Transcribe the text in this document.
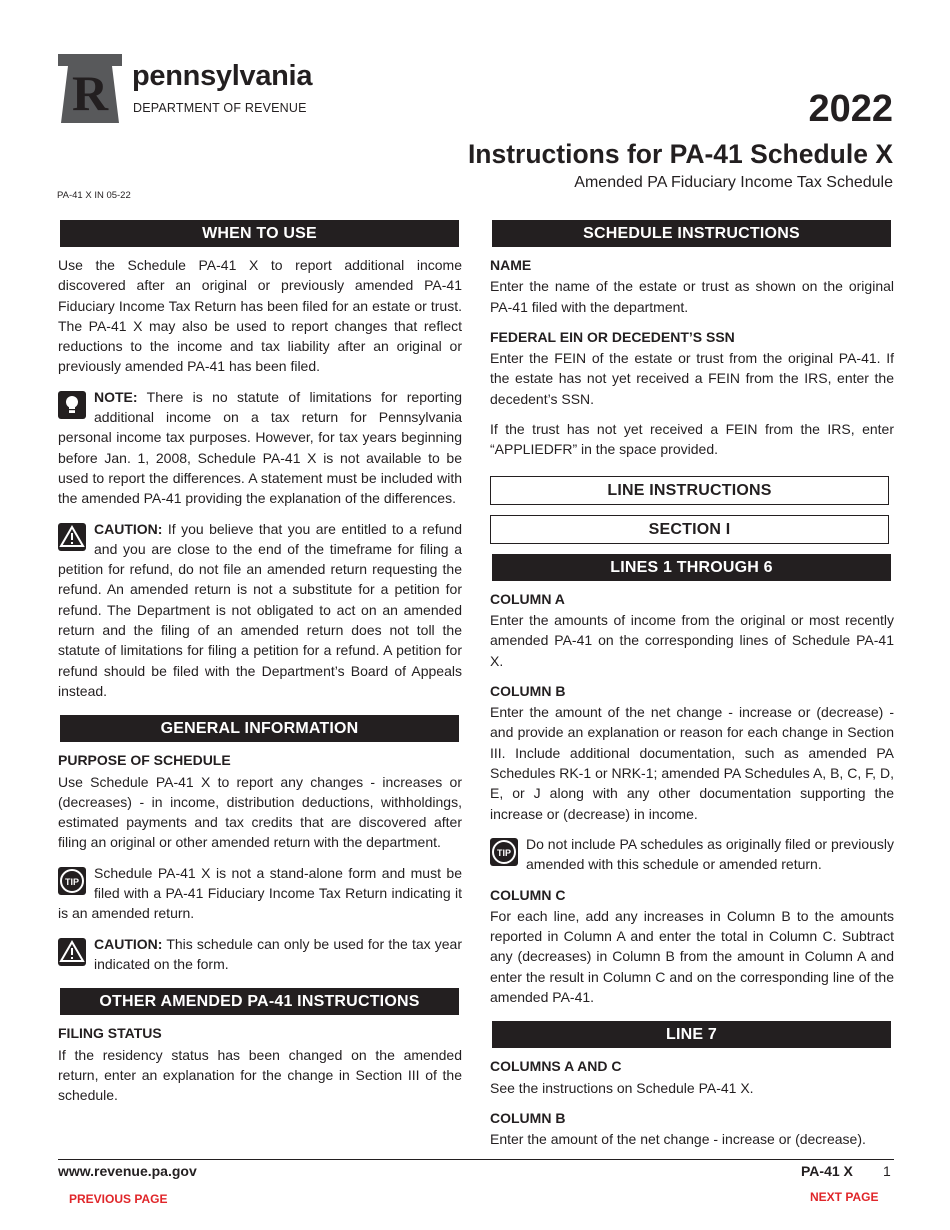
R pennsylvania
DEPARTMENT OF REVENUE	2022
Instructions for PA-41 Schedule X
Amended PA Fiduciary Income Tax Schedule
PA-41 X IN 05-22
WHEN TO USE

Use the Schedule PA-41 X to report additional income discovered after an original or previously amended PA-41 Fiduciary Income Tax Return has been filed for an estate or trust. The PA-41 X may also be used to report changes that reflect reductions to the income and tax liability after an original or previously amended PA-41 has been filed.

NOTE: There is no statute of limitations for reporting additional income on a tax return for Pennsylvania personal income tax purposes. However, for tax years beginning before Jan. 1, 2008, Schedule PA-41 X is not available to be used to report the differences. A statement must be included with the amended PA-41 providing the explanation of the differences.

CAUTION: If you believe that you are entitled to a refund and you are close to the end of the timeframe for filing a petition for refund, do not file an amended return requesting the refund. An amended return is not a substitute for a petition for refund. The Department is not obligated to act on an amended return and the filing of an amended return does not toll the statute of limitations for filing a petition for a refund. A petition for refund should be filed with the Department’s Board of Appeals instead.

GENERAL INFORMATION
PURPOSE OF SCHEDULE

Use Schedule PA-41 X to report any changes - increases or (decreases) - in income, distribution deductions, withholdings, estimated payments and tax credits that are discovered after filing an original or other amended return with the department.

TIP
Schedule PA-41 X is not a stand-alone form and must be filed with a PA-41 Fiduciary Income Tax Return indicating it is an amended return.

CAUTION: This schedule can only be used for the tax year indicated on the form.

OTHER AMENDED PA-41 INSTRUCTIONS
FILING STATUS

If the residency status has been changed on the amended return, enter an explanation for the change in Section III of the schedule.

SCHEDULE INSTRUCTIONS
NAME

Enter the name of the estate or trust as shown on the original PA-41 filed with the department.

FEDERAL EIN OR DECEDENT’S SSN

Enter the FEIN of the estate or trust from the original PA-41. If the estate has not yet received a FEIN from the IRS, enter the decedent’s SSN.

If the trust has not yet received a FEIN from the IRS, enter “APPLIEDFR” in the space provided.

LINE INSTRUCTIONS
SECTION I
LINES 1 THROUGH 6
COLUMN A

Enter the amounts of income from the original or most recently amended PA-41 on the corresponding lines of Schedule PA-41 X.

COLUMN B

Enter the amount of the net change - increase or (decrease) - and provide an explanation or reason for each change in Section III. Include additional documentation, such as amended PA Schedules RK-1 or NRK-1; amended PA Schedules A, B, C, F, D, E, or J along with any other documentation supporting the increase or (decrease) in income.

TIP
Do not include PA schedules as originally filed or previously amended with this schedule or amended return.

COLUMN C

For each line, add any increases in Column B to the amounts reported in Column A and enter the total in Column C. Subtract any (decreases) in Column B from the amount in Column A and enter the result in Column C and on the corresponding line of the amended PA-41.

LINE 7
COLUMNS A AND C

See the instructions on Schedule PA-41 X.

COLUMN B

Enter the amount of the net change - increase or (decrease).

www.revenue.pa.gov	PA-41 X 1
PREVIOUS PAGE	NEXT PAGE
